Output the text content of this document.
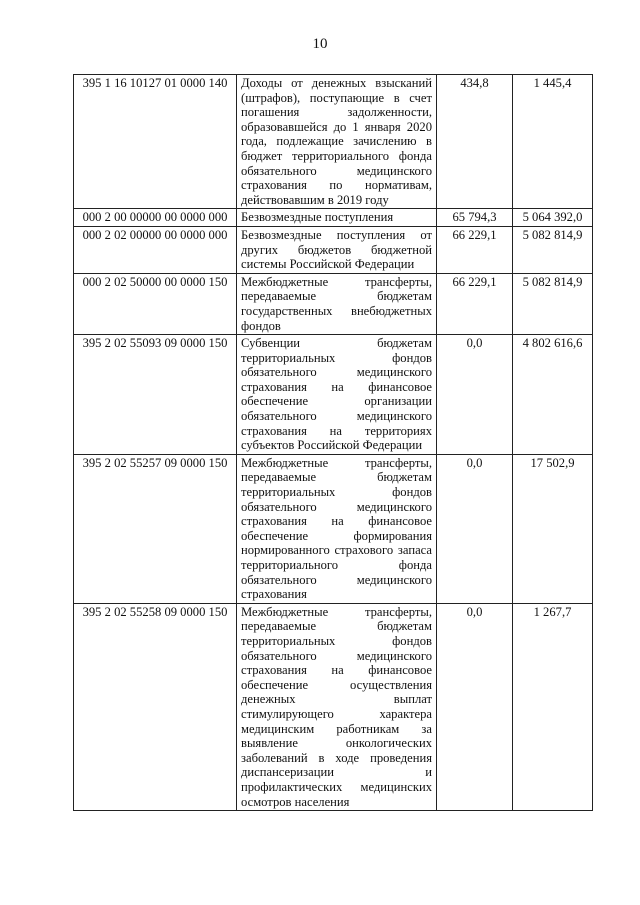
10
395 1 16 10127 01 0000 140	Доходы от денежных взысканий (штрафов), поступающие в счет погашения задолженности, образовавшейся до 1 января 2020 года, подлежащие зачислению в бюджет территориального фонда обязательного медицинского страхования по нормативам, действовавшим в 2019 году	434,8	1 445,4
000 2 00 00000 00 0000 000	Безвозмездные поступления	65 794,3	5 064 392,0
000 2 02 00000 00 0000 000	Безвозмездные поступления от других бюджетов бюджетной системы Российской Федерации	66 229,1	5 082 814,9
000 2 02 50000 00 0000 150	Межбюджетные трансферты, передаваемые бюджетам государственных внебюджетных фондов	66 229,1	5 082 814,9
395 2 02 55093 09 0000 150	Субвенции бюджетам территориальных фондов обязательного медицинского страхования на финансовое обеспечение организации обязательного медицинского страхования на территориях субъектов Российской Федерации	0,0	4 802 616,6
395 2 02 55257 09 0000 150	Межбюджетные трансферты, передаваемые бюджетам территориальных фондов обязательного медицинского страхования на финансовое обеспечение формирования нормированного страхового запаса территориального фонда обязательного медицинского страхования	0,0	17 502,9
395 2 02 55258 09 0000 150	Межбюджетные трансферты, передаваемые бюджетам территориальных фондов обязательного медицинского страхования на финансовое обеспечение осуществления денежных выплат стимулирующего характера медицинским работникам за выявление онкологических заболеваний в ходе проведения диспансеризации и профилактических медицинских осмотров населения	0,0	1 267,7
